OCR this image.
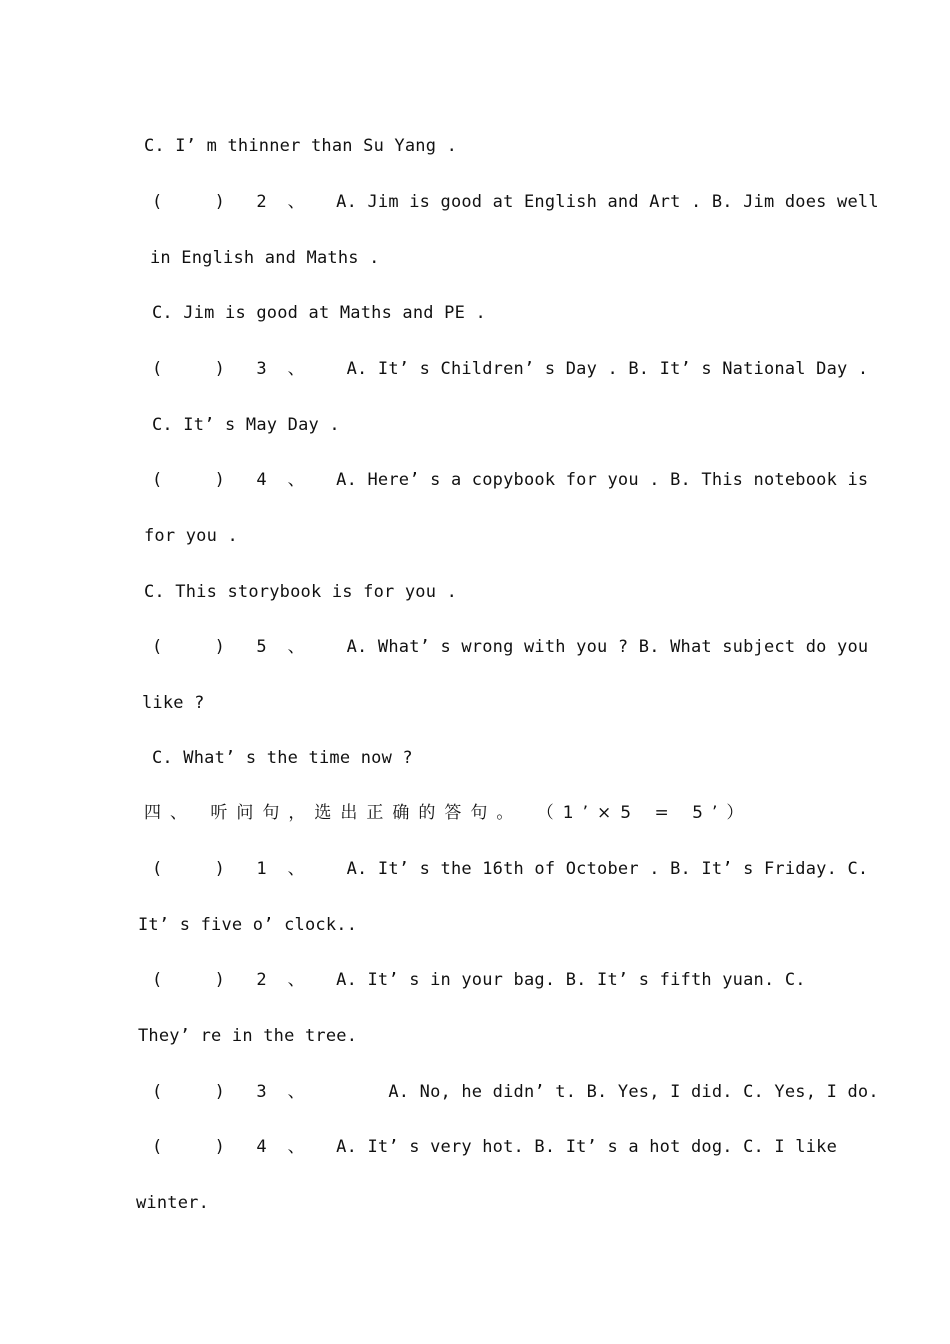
C. I’ m thinner than Su Yang .
(     )   2  、   A. Jim is good at English and Art . B. Jim does well
in English and Maths .
C. Jim is good at Maths and PE .
(     )   3  、    A. It’ s Children’ s Day . B. It’ s National Day .
C. It’ s May Day .
(     )   4  、   A. Here’ s a copybook for you . B. This notebook is
for you .
C. This storybook is for you .
(     )   5  、    A. What’ s wrong with you ? B. What subject do you
like ?
C. What’ s the time now ?
四、 听问句，选出正确的答句。 （1’×5 = 5’）
(     )   1  、    A. It’ s the 16th of October . B. It’ s Friday. C.
It’ s five o’ clock..
(     )   2  、   A. It’ s in your bag. B. It’ s fifth yuan. C.
They’ re in the tree.
(     )   3  、        A. No, he didn’ t. B. Yes, I did. C. Yes, I do.
(     )   4  、   A. It’ s very hot. B. It’ s a hot dog. C. I like
winter.
